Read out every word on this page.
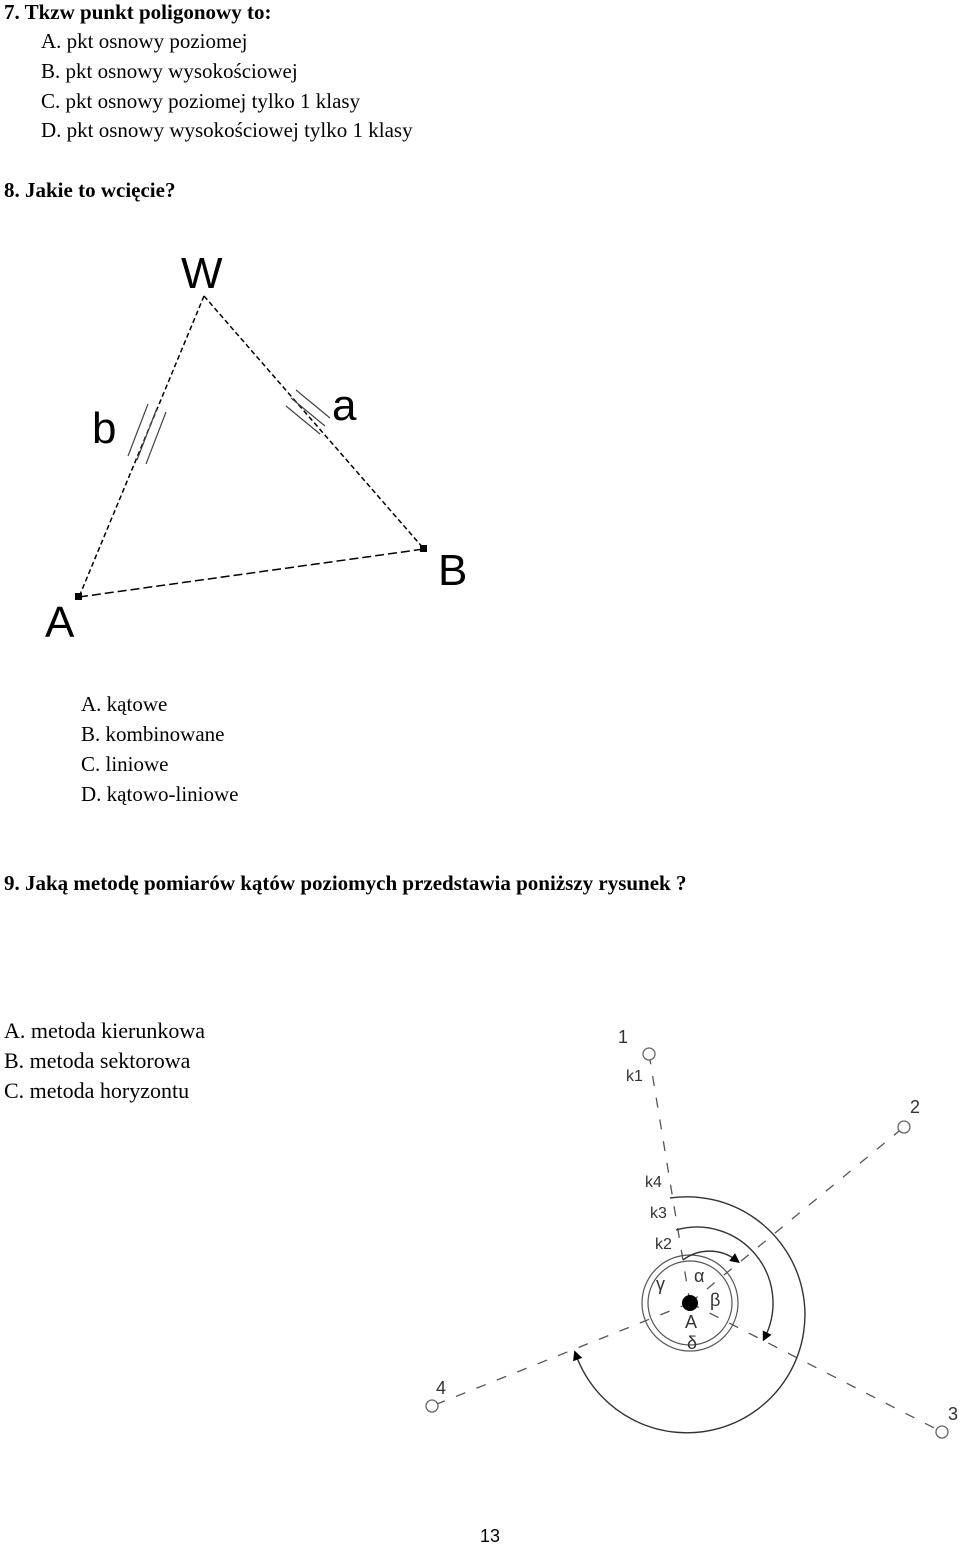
7. Tkzw punkt poligonowy to:
A. pkt osnowy poziomej
B. pkt osnowy wysokościowej
C. pkt osnowy poziomej tylko 1 klasy
D. pkt osnowy wysokościowej tylko 1 klasy
8. Jakie to wcięcie?
W
a
b
A
B
A. kątowe
B. kombinowane
C. liniowe
D. kątowo-liniowe
9. Jaką metodę pomiarów kątów poziomych przedstawia poniższy rysunek ?
A. metoda kierunkowa
B. metoda sektorowa
C. metoda horyzontu
1
2
3
4
k1
k4
k3
k2
α
β
γ
A
δ
13
